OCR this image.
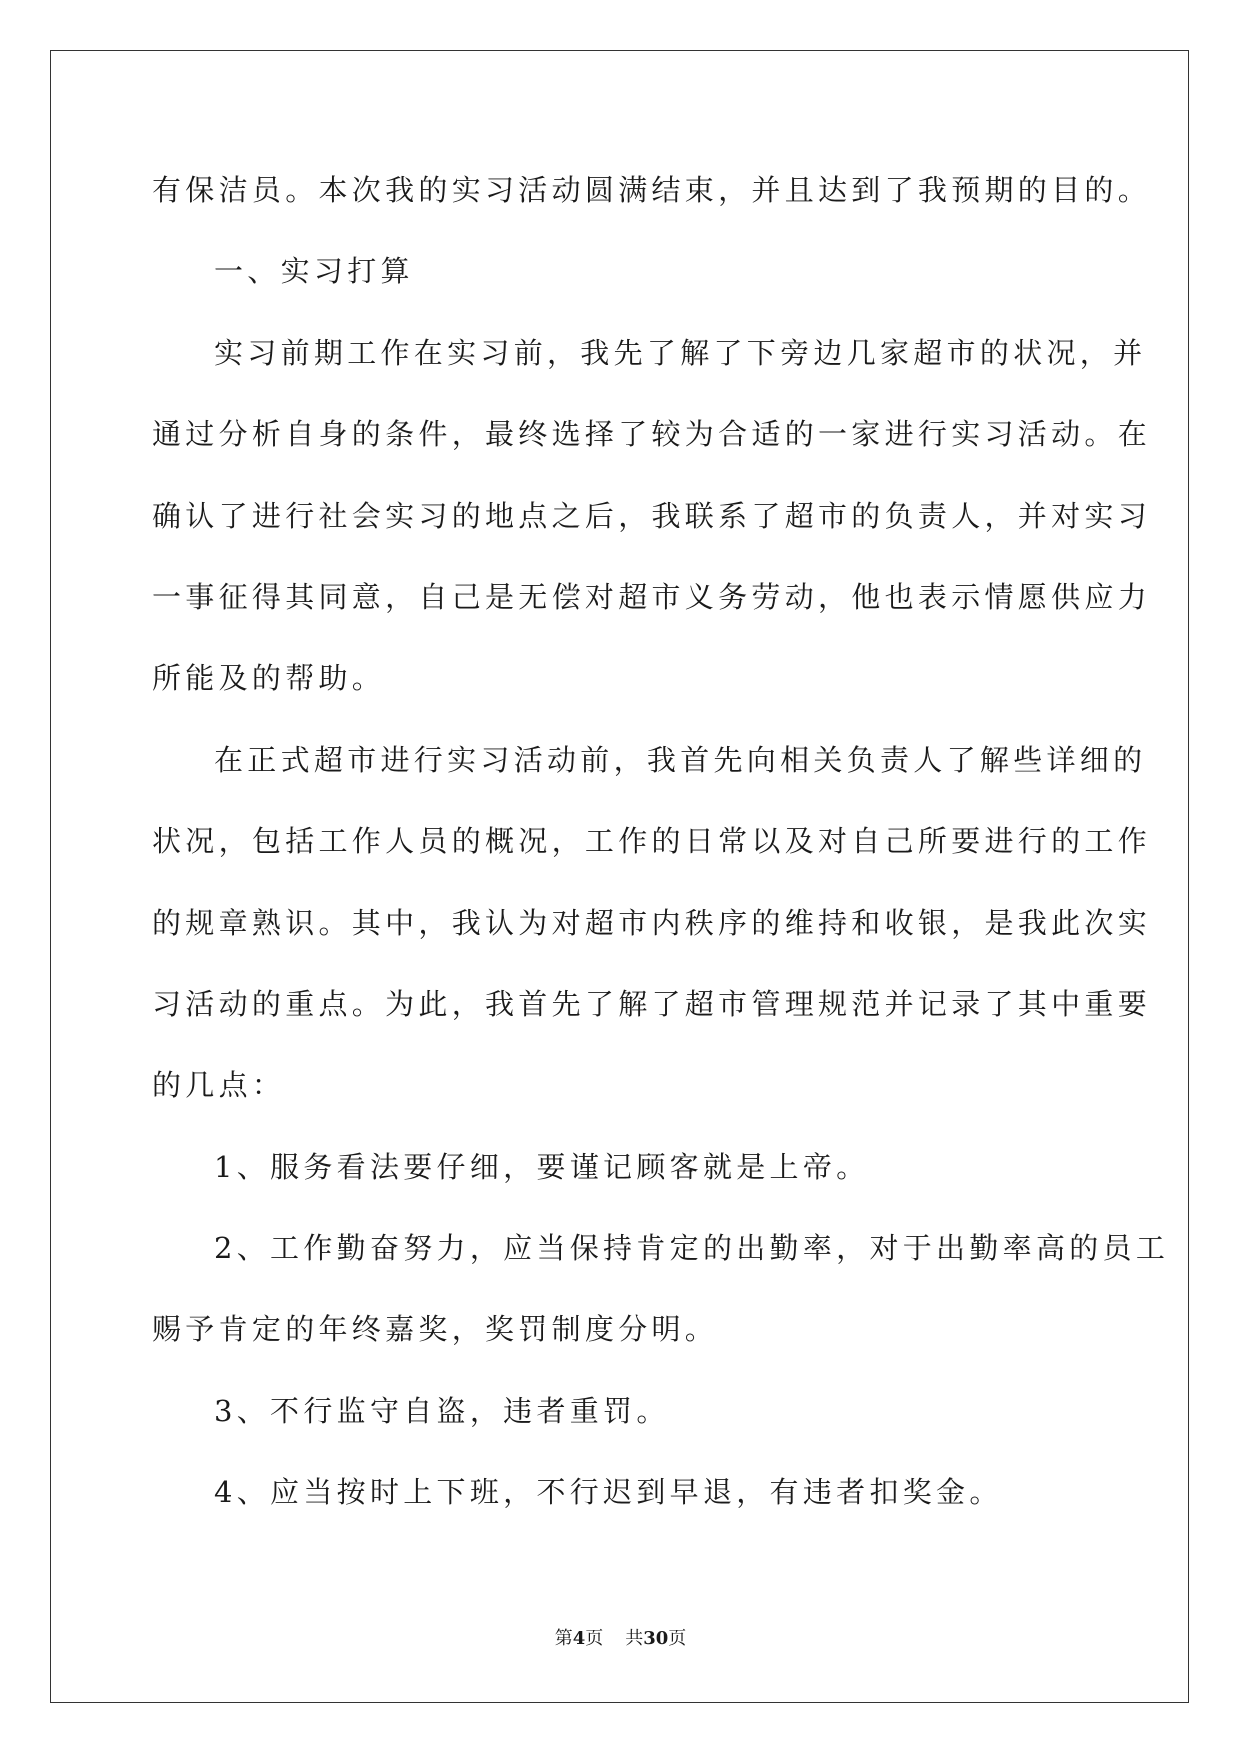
有保洁员。本次我的实习活动圆满结束，并且达到了我预期的目的。
一、实习打算
实习前期工作在实习前，我先了解了下旁边几家超市的状况，并
通过分析自身的条件，最终选择了较为合适的一家进行实习活动。在
确认了进行社会实习的地点之后，我联系了超市的负责人，并对实习
一事征得其同意，自己是无偿对超市义务劳动，他也表示情愿供应力
所能及的帮助。
在正式超市进行实习活动前，我首先向相关负责人了解些详细的
状况，包括工作人员的概况，工作的日常以及对自己所要进行的工作
的规章熟识。其中，我认为对超市内秩序的维持和收银，是我此次实
习活动的重点。为此，我首先了解了超市管理规范并记录了其中重要
的几点：
1、服务看法要仔细，要谨记顾客就是上帝。
2、工作勤奋努力，应当保持肯定的出勤率，对于出勤率高的员工
赐予肯定的年终嘉奖，奖罚制度分明。
3、不行监守自盗，违者重罚。
4、应当按时上下班，不行迟到早退，有违者扣奖金。
第4页 共30页
